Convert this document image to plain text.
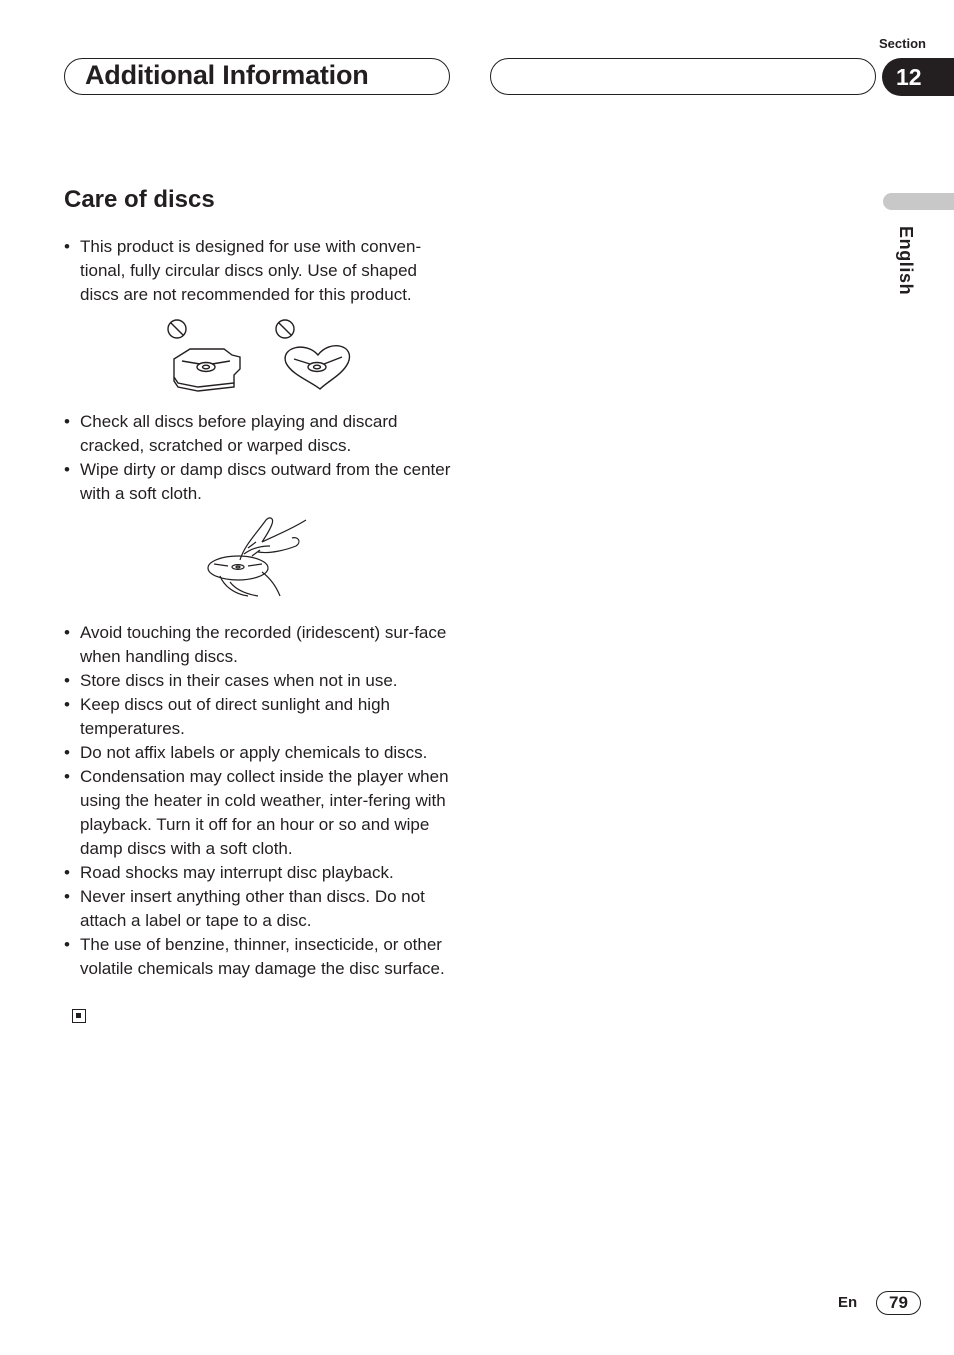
Section
Additional Information	12
English
Care of discs
• This product is designed for use with conven-tional, fully circular discs only. Use of shaped discs are not recommended for this product.
• Check all discs before playing and discard cracked, scratched or warped discs.
• Wipe dirty or damp discs outward from the center with a soft cloth.
• Avoid touching the recorded (iridescent) sur-face when handling discs.
• Store discs in their cases when not in use.
• Keep discs out of direct sunlight and high temperatures.
• Do not affix labels or apply chemicals to discs.
• Condensation may collect inside the player when using the heater in cold weather, inter-fering with playback. Turn it off for an hour or so and wipe damp discs with a soft cloth.
• Road shocks may interrupt disc playback.
• Never insert anything other than discs. Do not attach a label or tape to a disc.
• The use of benzine, thinner, insecticide, or other volatile chemicals may damage the disc surface.
En	79
